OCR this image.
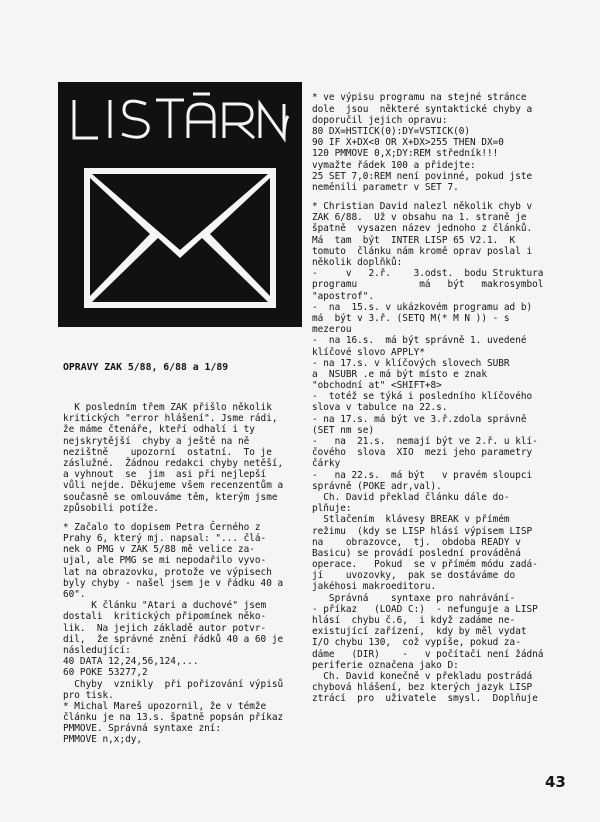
OPRAVY ZAK 5/88, 6/88 a 1/89

K posledním třem ZAK přišlo několik
kritických "error hlášení". Jsme rádi,
že máme čtenáře, kteří odhalí i ty
nejskrytější  chyby a ještě na ně
nezištně    upozorní  ostatní.  To je
záslužné.  Žádnou redakci chyby netěší,
a vyhnout  se  jim  asi při nejlepší
vůli nejde. Děkujeme všem recenzentům a
současně se omlouváme těm, kterým jsme
způsobili potíže.
* Začalo to dopisem Petra Černého z
Prahy 6, který mj. napsal: "... člá-
nek o PMG v ZAK 5/88 mě velice za-
ujal, ale PMG se mi nepodařilo vyvo-
lat na obrazovku, protože ve výpisech
byly chyby - našel jsem je v řádku 40 a
60".
K článku "Atari a duchové" jsem
dostali  kritických připomínek něko-
lik.  Na jejich základě autor potvr-
dil,  že správné znění řádků 40 a 60 je
následující:
40 DATA 12,24,56,124,...
60 POKE 53277,2
Chyby  vznikly  při pořizování výpisů
pro tisk.
* Michal Mareš upozornil, že v témže
článku je na 13.s. špatně popsán příkaz
PMMOVE. Správná syntaxe zní:
PMMOVE n,x;dy,

* ve výpisu programu na stejné stránce
dole  jsou  některé syntaktické chyby a
doporučil jejich opravu:
80 DX=HSTICK(0):DY=VSTICK(0)
90 IF X+DX<0 OR X+DX>255 THEN DX=0
120 PMMOVE 0,X;DY:REM středník!!!
vymažte řádek 100 a přidejte:
25 SET 7,0:REM není povinné, pokud jste
neměnili parametr v SET 7.
* Christian David nalezl několik chyb v
ZAK 6/88.  Už v obsahu na 1. straně je
špatně  vysazen název jednoho z článků.
Má  tam  být  INTER LISP 65 V2.1.  K
tomuto  článku nám kromě oprav poslal i
několik doplňků:
-     v   2.ř.    3.odst.  bodu Struktura
programu           má   být   makrosymbol
"apostrof".
-  na  15.s. v ukázkovém programu ad b)
má  být v 3.ř. (SETQ M(* M N )) - s
mezerou
-  na 16.s.  má být správně 1. uvedené
klíčové slovo APPLY*
- na 17.s. v klíčových slovech SUBR
a  NSUBR .e má být místo e znak
"obchodní at" <SHIFT+8>
-  totéž se týká i posledního klíčového
slova v tabulce na 22.s.
- na 17.s. má být ve 3.ř.zdola správně
(SET nm se)
-   na  21.s.  nemají být ve 2.ř. u klí-
čového  slova  XIO  mezi jeho parametry
čárky
-   na 22.s.  má být   v pravém sloupci
správně (POKE adr,val).
Ch. David překlad článku dále do-
plňuje:
Stlačením  klávesy BREAK v přímém
režimu  (kdy se LISP hlásí výpisem LISP
na    obrazovce,  tj.  obdoba READY v
Basicu) se provádí poslední prováděná
operace.   Pokud  se v přímém módu zadá-
jí    uvozovky,  pak se dostáváme do
jakéhosi makroeditoru.
Správná    syntaxe pro nahrávání-
- příkaz   (LOAD C:)  - nefunguje a LISP
hlásí  chybu č.6,  i když zadáme ne-
existující zařízení,  kdy by měl vydat
I/O chybu 130,  což vypíše, pokud za-
dáme   (DIR)    -   v počítači není žádná
periferie označena jako D:
Ch. David konečně v překladu postrádá
chybová hlášení, bez kterých jazyk LISP
ztrácí  pro  uživatele  smysl.  Doplňuje

43
